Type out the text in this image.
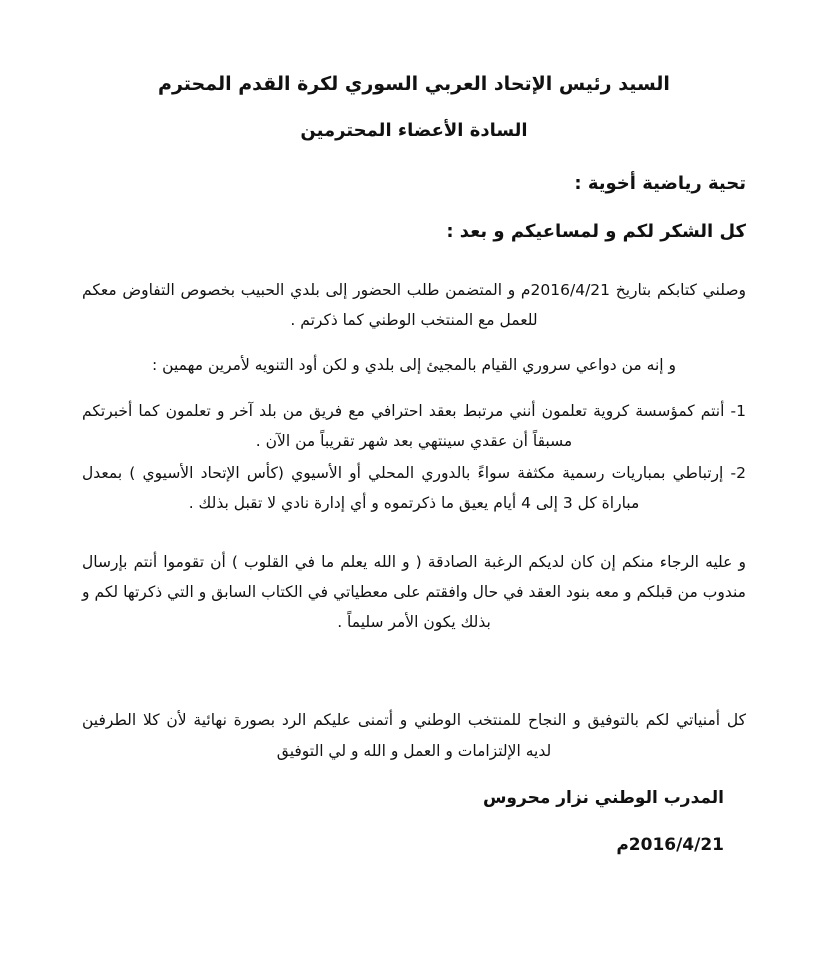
السيد رئيس الإتحاد العربي السوري لكرة القدم المحترم

السادة الأعضاء المحترمين

تحية رياضية أخوية :

كل الشكر لكم و لمساعيكم و بعد :

وصلني كتابكم بتاريخ 2016/4/21م و المتضمن طلب الحضور إلى بلدي الحبيب بخصوص التفاوض معكم للعمل مع المنتخب الوطني كما ذكرتم .

و إنه من دواعي سروري القيام بالمجيئ إلى بلدي و لكن أود التنويه لأمرين مهمين :

1- أنتم كمؤسسة كروية تعلمون أنني مرتبط بعقد احترافي مع فريق من بلد آخر و تعلمون كما أخبرتكم مسبقاً أن عقدي سينتهي بعد شهر تقريباً من الآن .
2- إرتباطي بمباريات رسمية مكثفة سواءً بالدوري المحلي أو الأسيوي (كأس الإتحاد الأسيوي ) بمعدل مباراة كل 3 إلى 4 أيام يعيق ما ذكرتموه و أي إدارة نادي لا تقبل بذلك .

و عليه الرجاء منكم إن كان لديكم الرغبة الصادقة ( و الله يعلم ما في القلوب ) أن تقوموا أنتم بإرسال مندوب من قبلكم و معه بنود العقد في حال وافقتم على معطياتي في الكتاب السابق و التي ذكرتها لكم و بذلك يكون الأمر سليماً .

كل أمنياتي لكم بالتوفيق و النجاح للمنتخب الوطني و أتمنى عليكم الرد بصورة نهائية لأن كلا الطرفين لديه الإلتزامات و العمل و الله و لي التوفيق

المدرب الوطني نزار محروس

2016/4/21م
